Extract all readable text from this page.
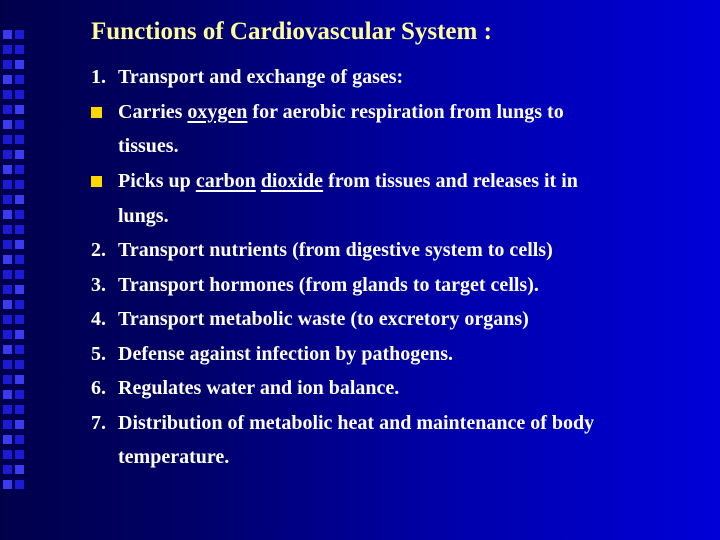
Functions of Cardiovascular System :
1. Transport and exchange of gases:
Carries oxygen for aerobic respiration from lungs to
tissues.
Picks up carbon dioxide from tissues and releases it in
lungs.
2. Transport nutrients (from digestive system to cells)
3. Transport hormones (from glands to target cells).
4. Transport metabolic waste (to excretory organs)
5. Defense against infection by pathogens.
6. Regulates water and ion balance.
7. Distribution of metabolic heat and maintenance of body
temperature.
